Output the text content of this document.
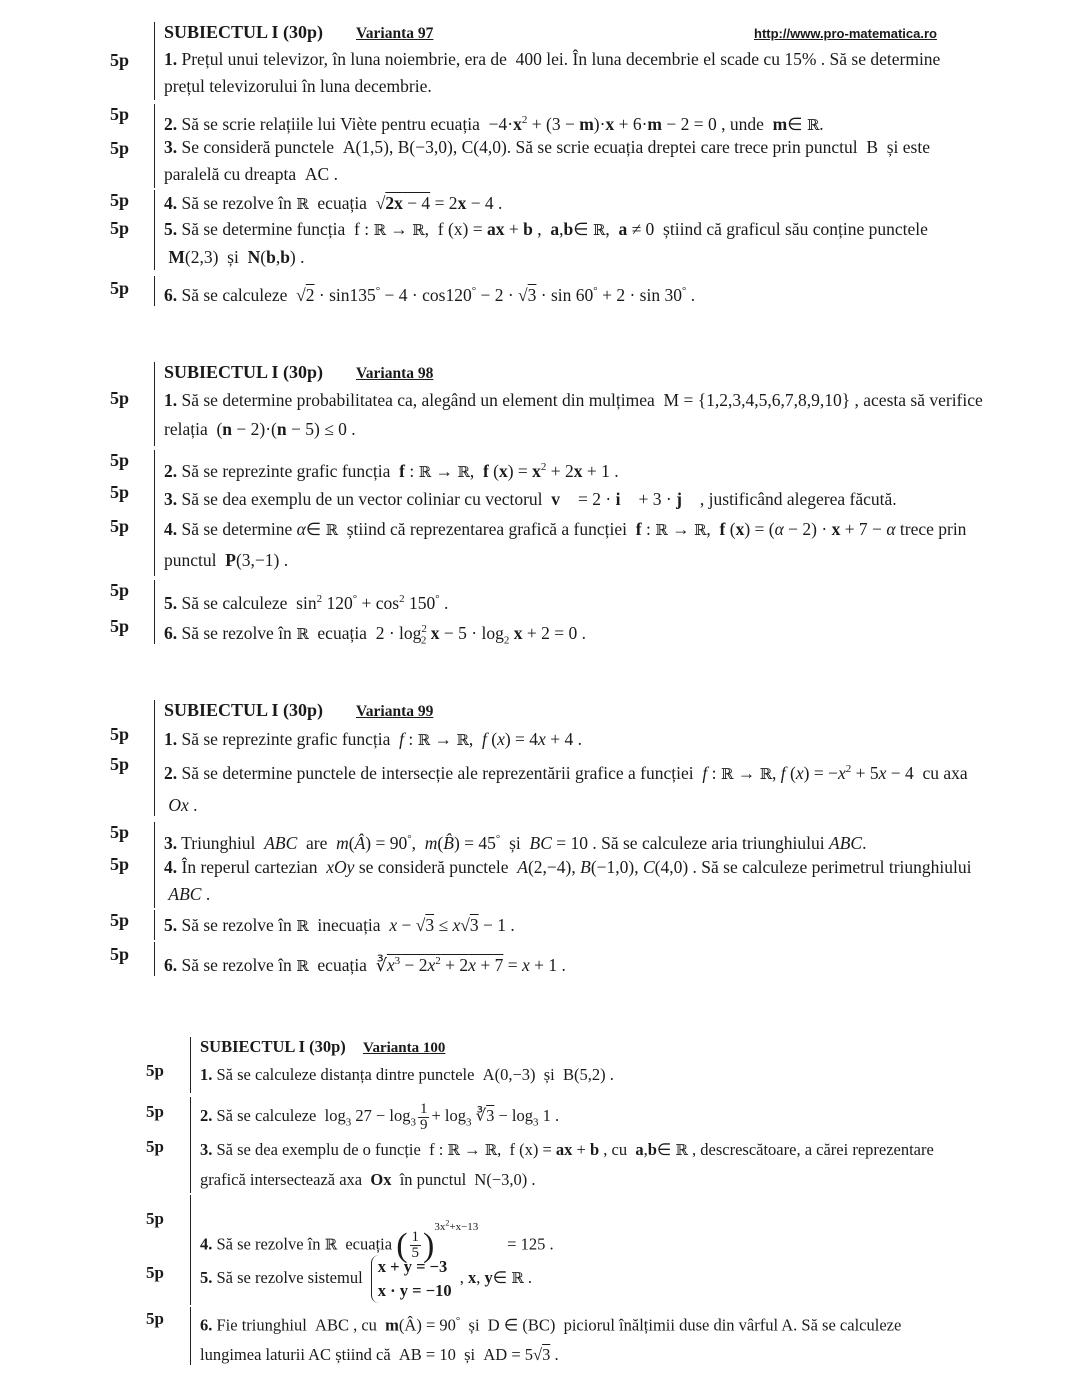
SUBIECTUL I (30p) Varianta 97	http://www.pro-matematica.ro
5p	1. Prețul unui televizor, în luna noiembrie, era de  400 lei. În luna decembrie el scade cu 15% . Să se determine prețul televizorului în luna decembrie.
5p	2. Să se scrie relațiile lui Viète pentru ecuația  $-4\cdot x^2 + (3 - m)\cdot x + 6\cdot m - 2 = 0$ , unde  m∈ ℝ.
5p	3. Se consideră punctele  A(1,5), B(−3,0), C(4,0). Să se scrie ecuația dreptei care trece prin punctul  B  și este paralelă cu dreapta  AC .
5p	4. Să se rezolve în ℝ  ecuația  √2x − 4 = 2x − 4 .
5p	5. Să se determine funcția  f : ℝ → ℝ,  f (x) = ax + b ,  a,b∈ ℝ,  a ≠ 0  știind că graficul său conține punctele  M(2,3)  și  N(b,b) .
5p	6. Să se calculeze  √2 · sin135° − 4 · cos120° − 2 · √3 · sin 60° + 2 · sin 30° .
SUBIECTUL I (30p) Varianta 98
5p	1. Să se determine probabilitatea ca, alegând un element din mulțimea  M = {1,2,3,4,5,6,7,8,9,10} , acesta să verifice relația  (n − 2)·(n − 5) ≤ 0 .
5p
2. Să se reprezinte grafic funcția  f : ℝ → ℝ,  f $(x) = x^2 + 2x + 1$ .
5p	3. Să se dea exemplu de un vector coliniar cu vectorul  v⃗ = 2 · i⃗ + 3 · j⃗ , justificând alegerea făcută.
5p	4. Să se determine α∈ ℝ  știind că reprezentarea grafică a funcției  f : ℝ → ℝ,  f (x) = (α − 2) · x + 7 − α trece prin punctul  P(3,−1) .
5p
5. Să se calculeze  $\sin^2 120^\circ + \cos^2 150^\circ$ .
5p	6. Să se rezolve în ℝ  ecuația  $2 \cdot \log^2_2 x - 5 \cdot \log_2 x + 2 = 0$ .
SUBIECTUL I (30p) Varianta 99
5p	1. Să se reprezinte grafic funcția  f : ℝ → ℝ,  f (x) = 4x + 4 .
5p	2. Să se determine punctele de intersecție ale reprezentării grafice a funcției  f : ℝ → ℝ, f $(x) = -x^2 + 5x - 4$  cu axa  Ox .
5p
3. Triunghiul  ABC  are  m(Â) = 90°,  m(B̂) = 45°  și  BC = 10 . Să se calculeze aria triunghiului ABC.
5p	4. În reperul cartezian  xOy se consideră punctele  A(2,−4), B(−1,0), C(4,0) . Să se calculeze perimetrul triunghiului  ABC .
5p	5. Să se rezolve în ℝ  inecuația  x − √3 ≤ x√3 − 1 .
5p
6. Să se rezolve în ℝ  ecuația  $∛x^3 - 2x^2 + 2x + 7 = x + 1$ .
SUBIECTUL I (30p) Varianta 100
5p	1. Să se calculeze distanța dintre punctele  A(0,−3)  și  B(5,2) .
5p	2. Să se calculeze  $\log_3 27 - \log_3 \frac{1}{9} + \log_3$ ∛3 − $\log_3 1$ .
5p	3. Să se dea exemplu de o funcție  f : ℝ → ℝ,  f (x) = ax + b , cu  a,b∈ ℝ , descrescătoare, a cărei reprezentare grafică intersectează axa  Ox  în punctul  N(−3,0) .
5p
4. Să se rezolve în ℝ  ecuația ( $\frac{1}{5} )^{3x^2+x-13}$       = 125 .
5p	5. Să se rezolve sistemul
x + y = −3
x · y = −10
, x, y∈ ℝ .
5p	6. Fie triunghiul  ABC , cu  m(Â) = 90°  și  D ∈ (BC)  piciorul înălțimii duse din vârful A. Să se calculeze lungimea laturii AC știind că  AB = 10  și  AD = 5√3 .
